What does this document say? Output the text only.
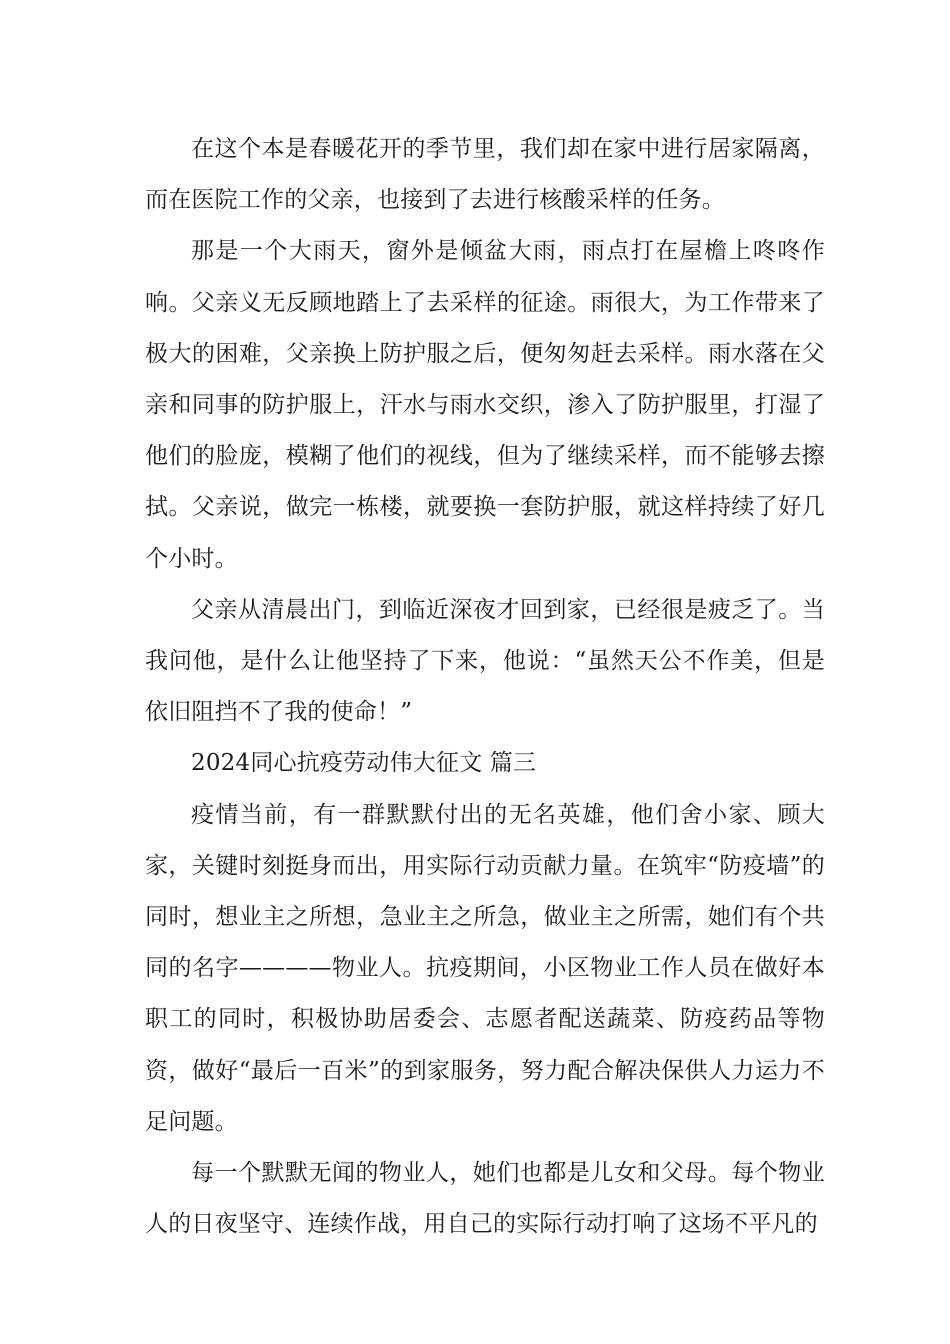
在这个本是春暖花开的季节里，我们却在家中进行居家隔离，而在医院工作的父亲，也接到了去进行核酸采样的任务。

那是一个大雨天，窗外是倾盆大雨，雨点打在屋檐上咚咚作响。父亲义无反顾地踏上了去采样的征途。雨很大，为工作带来了极大的困难，父亲换上防护服之后，便匆匆赶去采样。雨水落在父亲和同事的防护服上，汗水与雨水交织，渗入了防护服里，打湿了他们的脸庞，模糊了他们的视线，但为了继续采样，而不能够去擦拭。父亲说，做完一栋楼，就要换一套防护服，就这样持续了好几个小时。

父亲从清晨出门，到临近深夜才回到家，已经很是疲乏了。当我问他，是什么让他坚持了下来，他说：“虽然天公不作美，但是依旧阻挡不了我的使命！”

2024同心抗疫劳动伟大征文 篇三

疫情当前，有一群默默付出的无名英雄，他们舍小家、顾大家，关键时刻挺身而出，用实际行动贡献力量。在筑牢“防疫墙”的同时，想业主之所想，急业主之所急，做业主之所需，她们有个共同的名字————物业人。抗疫期间，小区物业工作人员在做好本职工的同时，积极协助居委会、志愿者配送蔬菜、防疫药品等物资，做好“最后一百米”的到家服务，努力配合解决保供人力运力不足问题。

每一个默默无闻的物业人，她们也都是儿女和父母。每个物业人的日夜坚守、连续作战，用自己的实际行动打响了这场不平凡的
